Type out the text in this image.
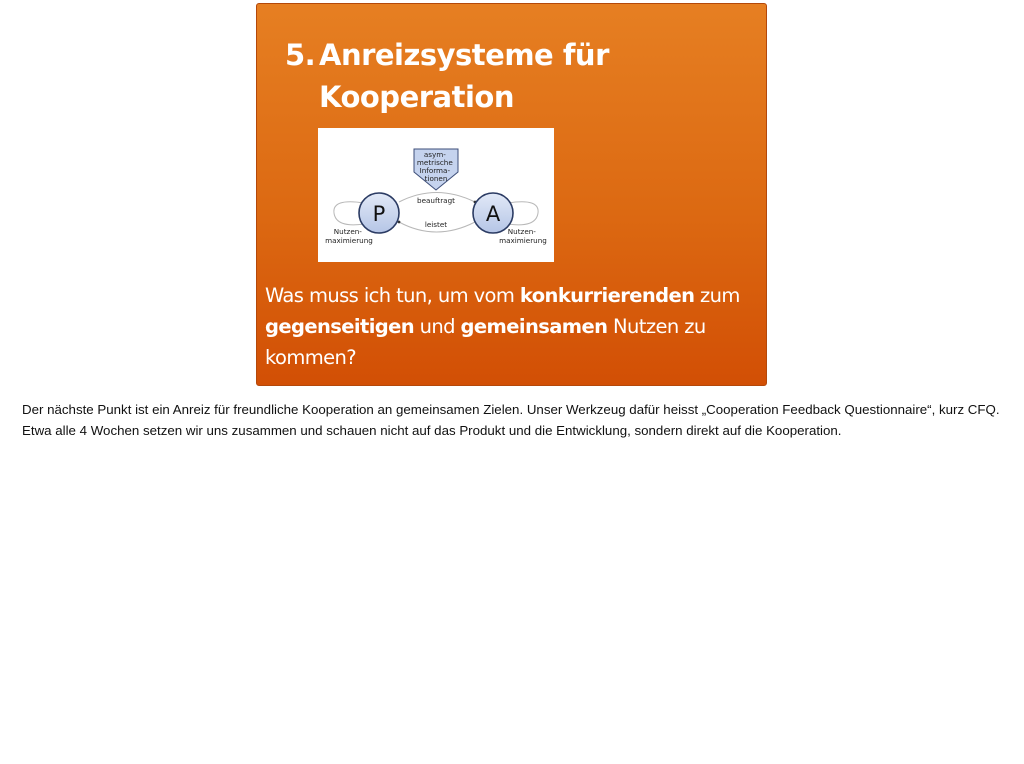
5. Anreizsysteme für
Kooperation
asym- metrische Informa- tionen
P	A
beauftragt
leistet
Nutzen- maximierung
Nutzen- maximierung

Was muss ich tun, um vom konkurrierenden zum gegenseitigen und gemeinsamen Nutzen zu kommen?

Der nächste Punkt ist ein Anreiz für freundliche Kooperation an gemeinsamen Zielen. Unser Werkzeug dafür heisst „Cooperation Feedback Questionnaire“, kurz CFQ.
Etwa alle 4 Wochen setzen wir uns zusammen und schauen nicht auf das Produkt und die Entwicklung, sondern direkt auf die Kooperation.
